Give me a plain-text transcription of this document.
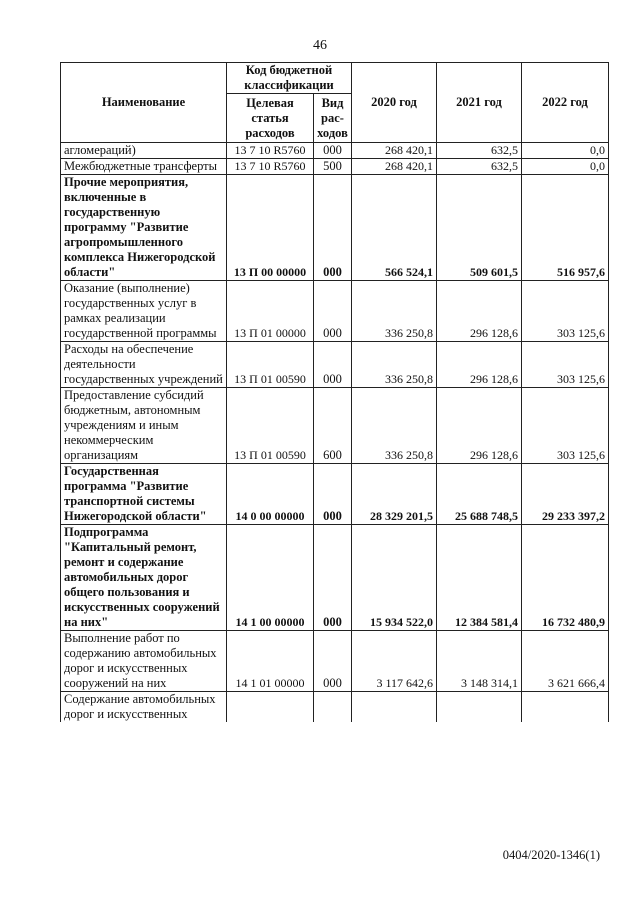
46
Наименование	Код бюджетной классификации		2020 год	2021 год	2022 год
	Целевая статья расходов	Вид рас-ходов			
агломераций)	13 7 10 R5760	000	268 420,1	632,5	0,0
Межбюджетные трансферты	13 7 10 R5760	500	268 420,1	632,5	0,0
Прочие мероприятия, включенные в государственную программу "Развитие агропромышленного комплекса Нижегородской области"	13 П 00 00000	000	566 524,1	509 601,5	516 957,6
Оказание (выполнение) государственных услуг в рамках реализации государственной программы	13 П 01 00000	000	336 250,8	296 128,6	303 125,6
Расходы на обеспечение деятельности государственных учреждений	13 П 01 00590	000	336 250,8	296 128,6	303 125,6
Предоставление субсидий бюджетным, автономным учреждениям и иным некоммерческим организациям	13 П 01 00590	600	336 250,8	296 128,6	303 125,6
Государственная программа "Развитие транспортной системы Нижегородской области"	14 0 00 00000	000	28 329 201,5	25 688 748,5	29 233 397,2
Подпрограмма "Капитальный ремонт, ремонт и содержание автомобильных дорог общего пользования и искусственных сооружений на них"	14 1 00 00000	000	15 934 522,0	12 384 581,4	16 732 480,9
Выполнение работ по содержанию автомобильных дорог и искусственных сооружений на них	14 1 01 00000	000	3 117 642,6	3 148 314,1	3 621 666,4
Содержание автомобильных дорог и искусственных					
0404/2020-1346(1)
